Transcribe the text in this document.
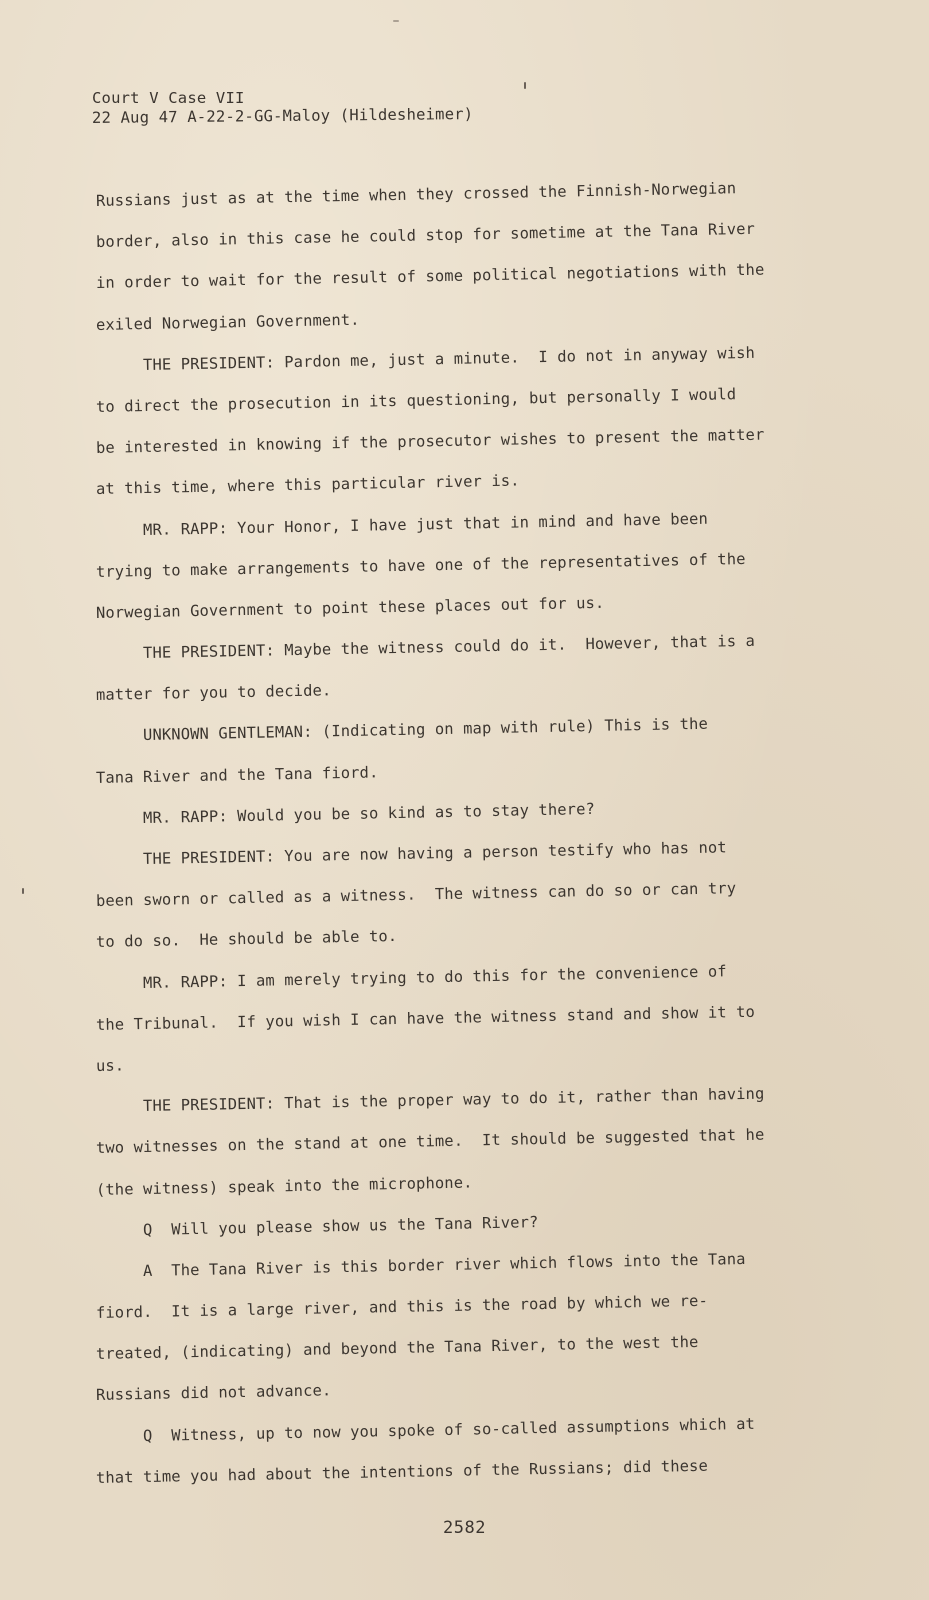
Court V Case VII
22 Aug 47 A-22-2-GG-Maloy (Hildesheimer)
Russians just as at the time when they crossed the Finnish-Norwegian
border, also in this case he could stop for sometime at the Tana River
in order to wait for the result of some political negotiations with the
exiled Norwegian Government.
THE PRESIDENT: Pardon me, just a minute.  I do not in anyway wish
to direct the prosecution in its questioning, but personally I would
be interested in knowing if the prosecutor wishes to present the matter
at this time, where this particular river is.
MR. RAPP: Your Honor, I have just that in mind and have been
trying to make arrangements to have one of the representatives of the
Norwegian Government to point these places out for us.
THE PRESIDENT: Maybe the witness could do it.  However, that is a
matter for you to decide.
UNKNOWN GENTLEMAN: (Indicating on map with rule) This is the
Tana River and the Tana fiord.
MR. RAPP: Would you be so kind as to stay there?
THE PRESIDENT: You are now having a person testify who has not
been sworn or called as a witness.  The witness can do so or can try
to do so.  He should be able to.
MR. RAPP: I am merely trying to do this for the convenience of
the Tribunal.  If you wish I can have the witness stand and show it to
us.
THE PRESIDENT: That is the proper way to do it, rather than having
two witnesses on the stand at one time.  It should be suggested that he
(the witness) speak into the microphone.
Q  Will you please show us the Tana River?
A  The Tana River is this border river which flows into the Tana
fiord.  It is a large river, and this is the road by which we re-
treated, (indicating) and beyond the Tana River, to the west the
Russians did not advance.
Q  Witness, up to now you spoke of so-called assumptions which at
that time you had about the intentions of the Russians; did these
2582
